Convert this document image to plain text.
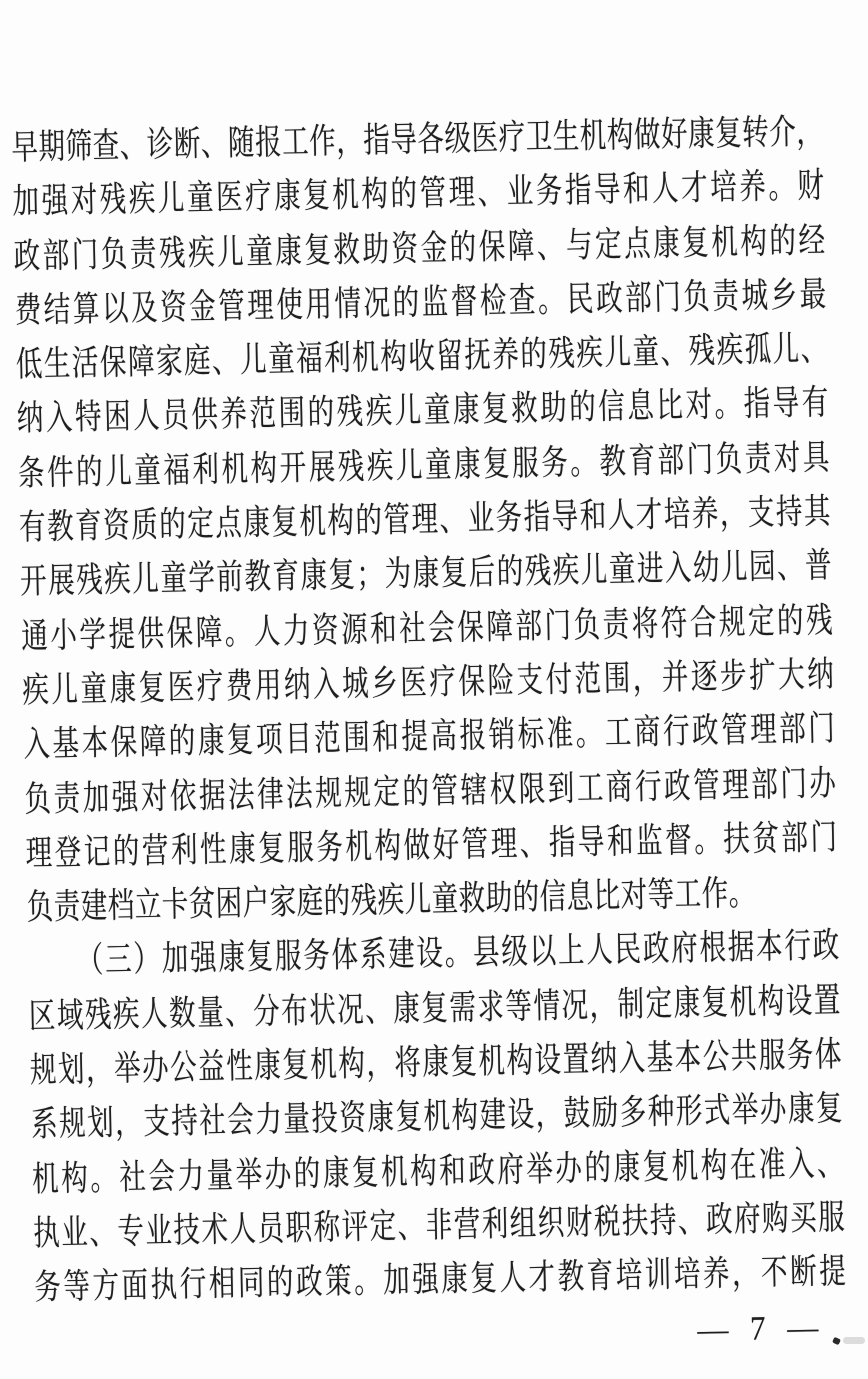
早期筛查、诊断、随报工作，指导各级医疗卫生机构做好康复转介，
加强对残疾儿童医疗康复机构的管理、业务指导和人才培养。财
政部门负责残疾儿童康复救助资金的保障、与定点康复机构的经
费结算以及资金管理使用情况的监督检查。民政部门负责城乡最
低生活保障家庭、儿童福利机构收留抚养的残疾儿童、残疾孤儿、
纳入特困人员供养范围的残疾儿童康复救助的信息比对。指导有
条件的儿童福利机构开展残疾儿童康复服务。教育部门负责对具
有教育资质的定点康复机构的管理、业务指导和人才培养，支持其
开展残疾儿童学前教育康复；为康复后的残疾儿童进入幼儿园、普
通小学提供保障。人力资源和社会保障部门负责将符合规定的残
疾儿童康复医疗费用纳入城乡医疗保险支付范围，并逐步扩大纳
入基本保障的康复项目范围和提高报销标准。工商行政管理部门
负责加强对依据法律法规规定的管辖权限到工商行政管理部门办
理登记的营利性康复服务机构做好管理、指导和监督。扶贫部门
负责建档立卡贫困户家庭的残疾儿童救助的信息比对等工作。
（三）加强康复服务体系建设。县级以上人民政府根据本行政
区域残疾人数量、分布状况、康复需求等情况，制定康复机构设置
规划，举办公益性康复机构，将康复机构设置纳入基本公共服务体
系规划，支持社会力量投资康复机构建设，鼓励多种形式举办康复
机构。社会力量举办的康复机构和政府举办的康复机构在准入、
执业、专业技术人员职称评定、非营利组织财税扶持、政府购买服
务等方面执行相同的政策。加强康复人才教育培训培养，不断提
— 7 —
